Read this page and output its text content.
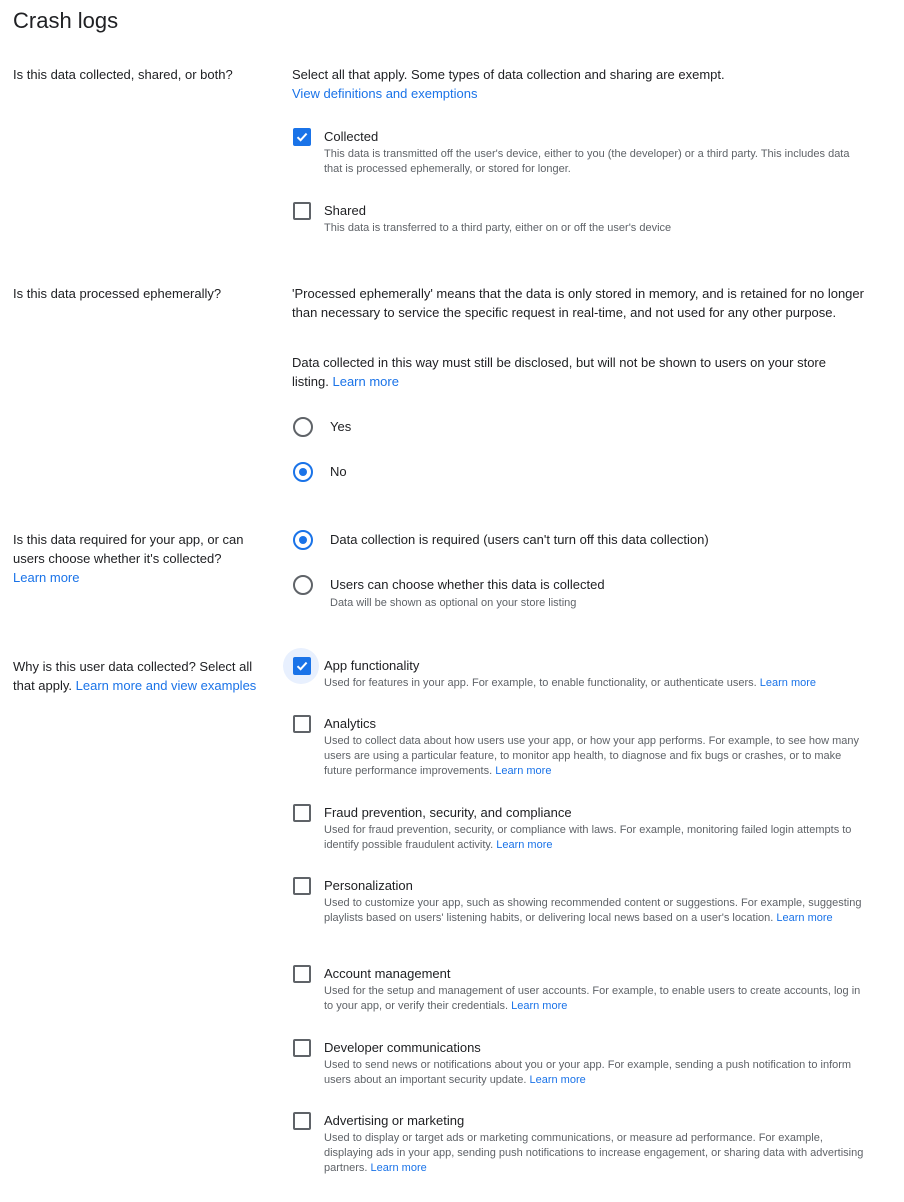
Crash logs
Is this data collected, shared, or both?	Select all that apply. Some types of data collection and sharing are exempt.
View definitions and exemptions
Collected
This data is transmitted off the user's device, either to you (the developer) or a third party. This includes data that is processed ephemerally, or stored for longer.
Shared
This data is transferred to a third party, either on or off the user's device
Is this data processed ephemerally?	'Processed ephemerally' means that the data is only stored in memory, and is retained for no longer than necessary to service the specific request in real-time, and not used for any other purpose.
Data collected in this way must still be disclosed, but will not be shown to users on your store listing. Learn more
Yes
No
Is this data required for your app, or can users choose whether it's collected?
Learn more
Data collection is required (users can't turn off this data collection)
Users can choose whether this data is collected
Data will be shown as optional on your store listing
Why is this user data collected? Select all that apply. Learn more and view examples
App functionality
Used for features in your app. For example, to enable functionality, or authenticate users. Learn more
Analytics
Used to collect data about how users use your app, or how your app performs. For example, to see how many users are using a particular feature, to monitor app health, to diagnose and fix bugs or crashes, or to make future performance improvements. Learn more
Fraud prevention, security, and compliance
Used for fraud prevention, security, or compliance with laws. For example, monitoring failed login attempts to identify possible fraudulent activity. Learn more
Personalization
Used to customize your app, such as showing recommended content or suggestions. For example, suggesting playlists based on users' listening habits, or delivering local news based on a user's location. Learn more
Account management
Used for the setup and management of user accounts. For example, to enable users to create accounts, log in to your app, or verify their credentials. Learn more
Developer communications
Used to send news or notifications about you or your app. For example, sending a push notification to inform users about an important security update. Learn more
Advertising or marketing
Used to display or target ads or marketing communications, or measure ad performance. For example, displaying ads in your app, sending push notifications to increase engagement, or sharing data with advertising partners. Learn more
